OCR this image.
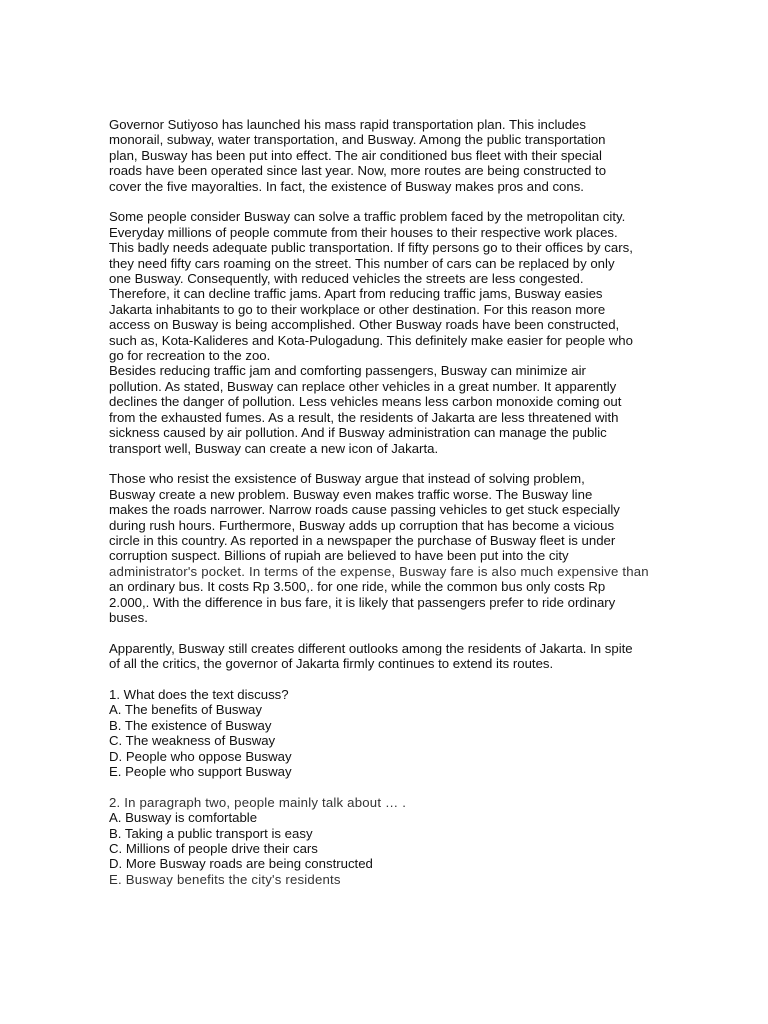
Governor Sutiyoso has launched his mass rapid transportation plan. This includes
monorail, subway, water transportation, and Busway. Among the public transportation
plan, Busway has been put into effect. The air conditioned bus fleet with their special
roads have been operated since last year. Now, more routes are being constructed to
cover the five mayoralties. In fact, the existence of Busway makes pros and cons.
Some people consider Busway can solve a traffic problem faced by the metropolitan city.
Everyday millions of people commute from their houses to their respective work places.
This badly needs adequate public transportation. If fifty persons go to their offices by cars,
they need fifty cars roaming on the street. This number of cars can be replaced by only
one Busway. Consequently, with reduced vehicles the streets are less congested.
Therefore, it can decline traffic jams. Apart from reducing traffic jams, Busway easies
Jakarta inhabitants to go to their workplace or other destination. For this reason more
access on Busway is being accomplished. Other Busway roads have been constructed,
such as, Kota-Kalideres and Kota-Pulogadung. This definitely make easier for people who
go for recreation to the zoo.
Besides reducing traffic jam and comforting passengers, Busway can minimize air
pollution. As stated, Busway can replace other vehicles in a great number. It apparently
declines the danger of pollution. Less vehicles means less carbon monoxide coming out
from the exhausted fumes. As a result, the residents of Jakarta are less threatened with
sickness caused by air pollution. And if Busway administration can manage the public
transport well, Busway can create a new icon of Jakarta.
Those who resist the exsistence of Busway argue that instead of solving problem,
Busway create a new problem. Busway even makes traffic worse. The Busway line
makes the roads narrower. Narrow roads cause passing vehicles to get stuck especially
during rush hours. Furthermore, Busway adds up corruption that has become a vicious
circle in this country. As reported in a newspaper the purchase of Busway fleet is under
corruption suspect. Billions of rupiah are believed to have been put into the city
administrator's pocket. In terms of the expense, Busway fare is also much expensive than
an ordinary bus. It costs Rp 3.500,. for one ride, while the common bus only costs Rp
2.000,. With the difference in bus fare, it is likely that passengers prefer to ride ordinary
buses.
Apparently, Busway still creates different outlooks among the residents of Jakarta. In spite
of all the critics, the governor of Jakarta firmly continues to extend its routes.
1. What does the text discuss?
A. The benefits of Busway
B. The existence of Busway
C. The weakness of Busway
D. People who oppose Busway
E. People who support Busway
2. In paragraph two, people mainly talk about … .
A. Busway is comfortable
B. Taking a public transport is easy
C. Millions of people drive their cars
D. More Busway roads are being constructed
E. Busway benefits the city's residents
